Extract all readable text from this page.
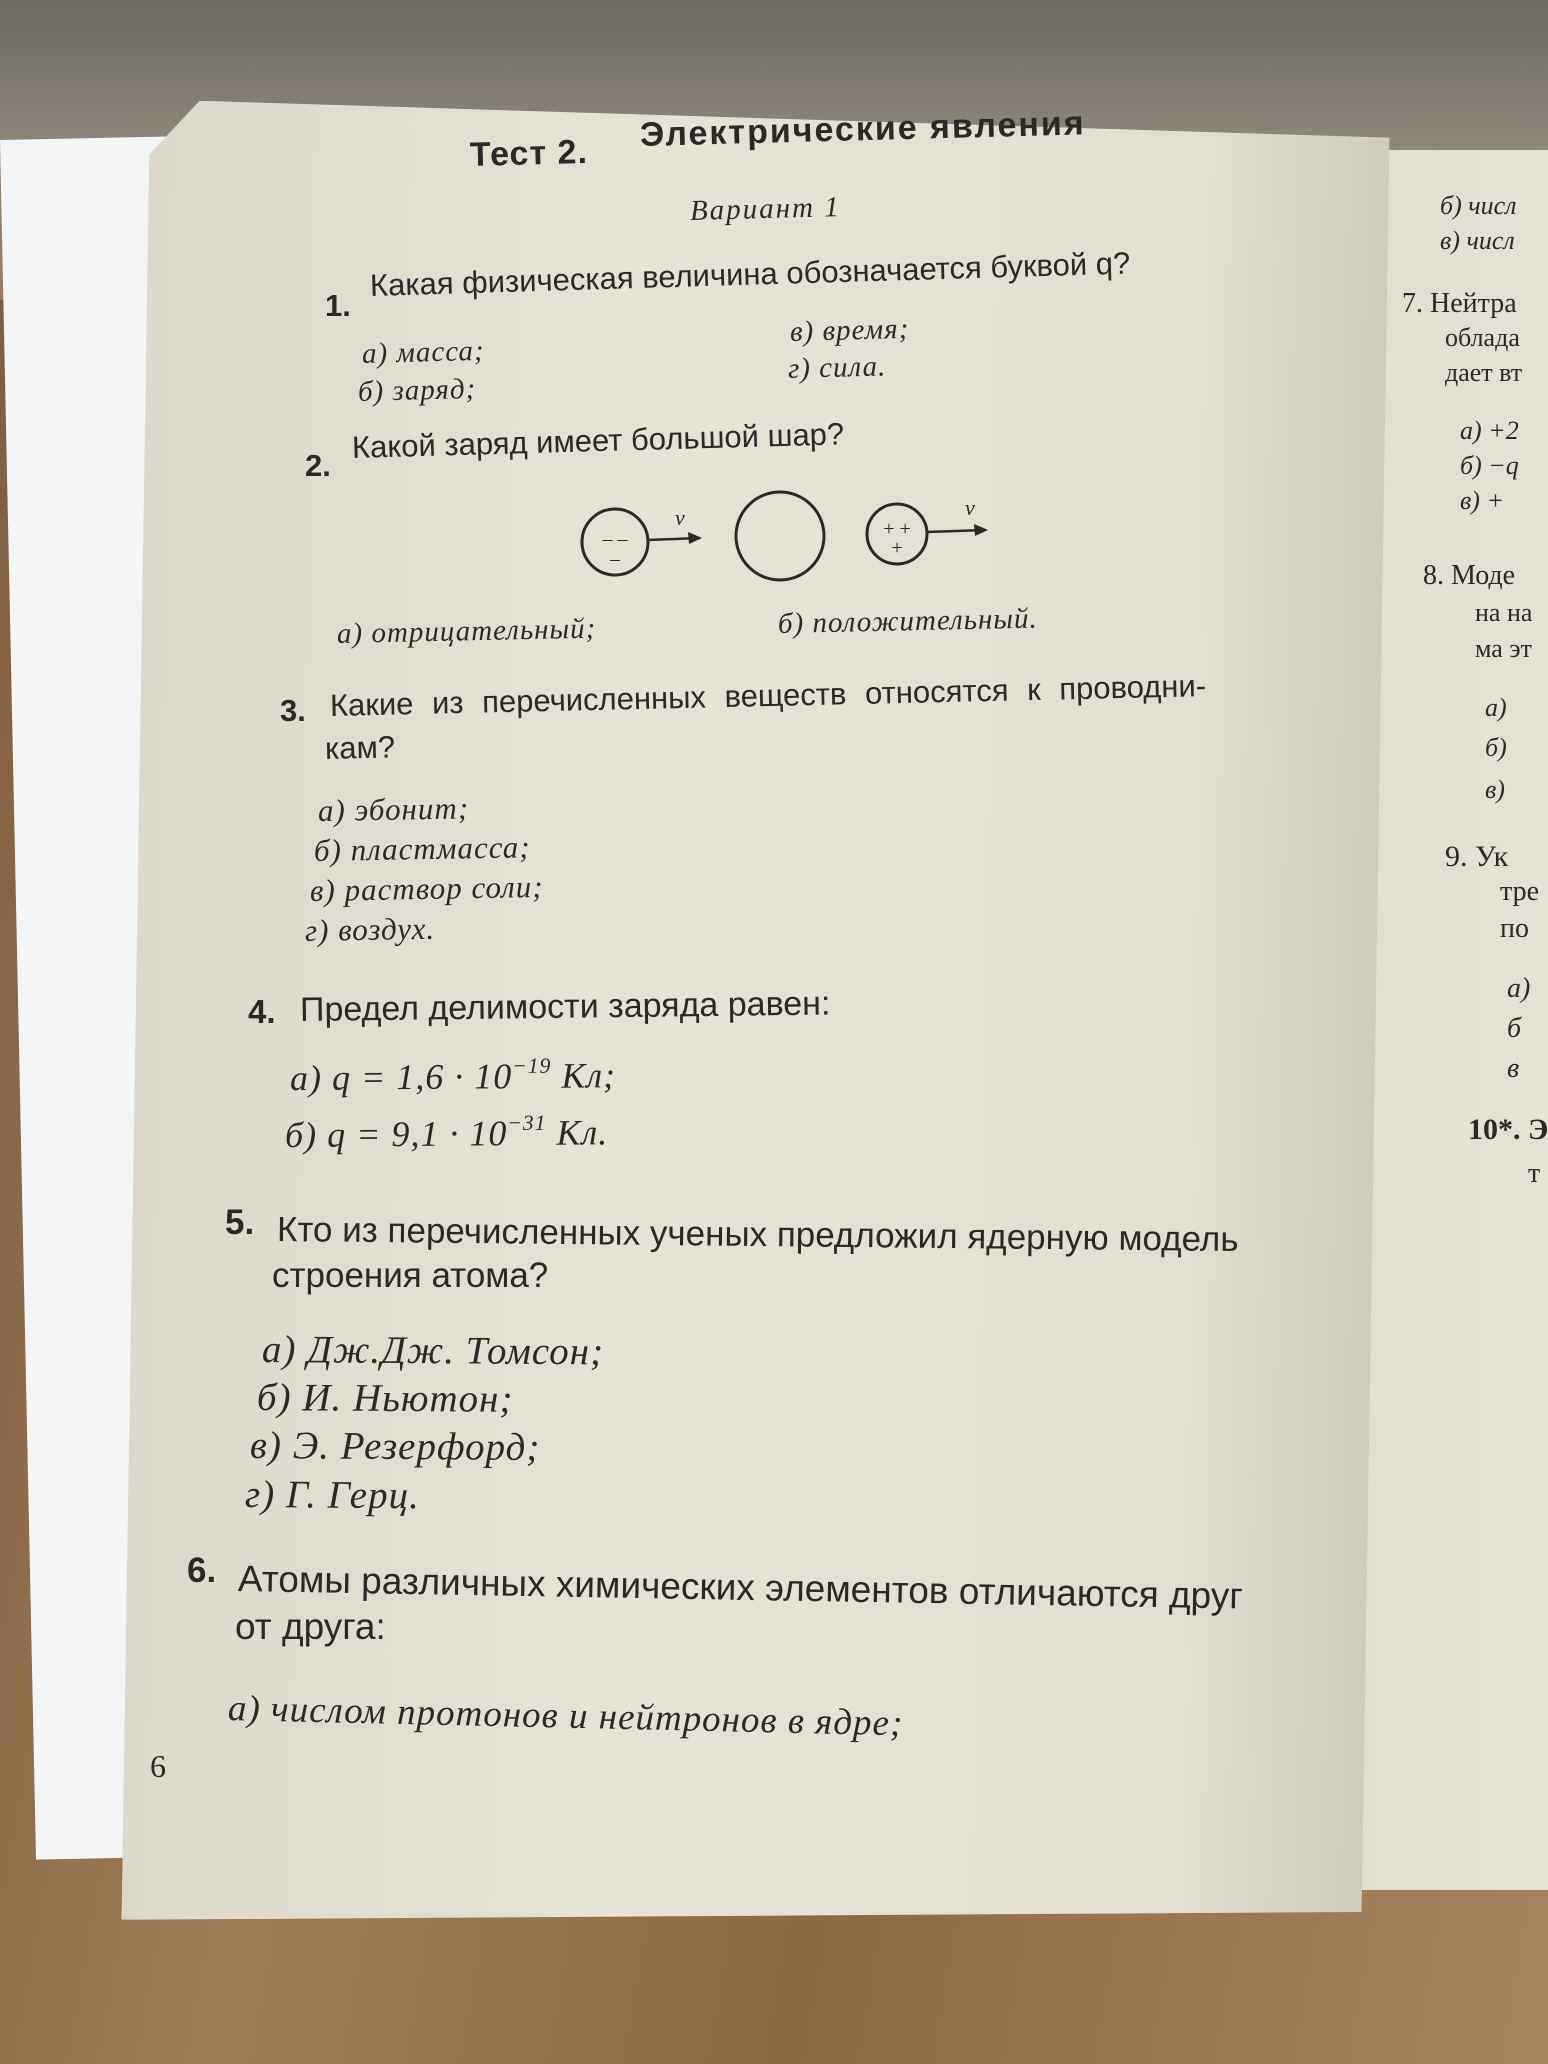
б) числ
в) числ
7. Нейтра
облада
дает вт
а) +2
б) −q
в) +
8. Моде
на на
ма эт
а)
б)
в)
9. Ук
тре
по
а)
б
в
10*. Э
т
Тест 2. Электрические явления
Вариант 1
1.
Какая физическая величина обозначается буквой q?
а) масса;
б) заряд;
в) время;
г) сила.
2.
Какой заряд имеет большой шар?
– –
–
v	+ +
+
v
а) отрицательный;	б) положительный.
3. Какие из перечисленных веществ относятся к проводни-
кам?
а) эбонит;
б) пластмасса;
в) раствор соли;
г) воздух.
4. Предел делимости заряда равен:
а) $q = 1,6 \cdot 10^{-19}$ Кл;
б) $q = 9,1 \cdot 10^{-31}$ Кл.
5. Кто из перечисленных ученых предложил ядерную модель
строения атома?
а) Дж.Дж. Томсон;
б) И. Ньютон;
в) Э. Резерфорд;
г) Г. Герц.
6. Атомы различных химических элементов отличаются друг
от друга:
а) числом протонов и нейтронов в ядре;
6
